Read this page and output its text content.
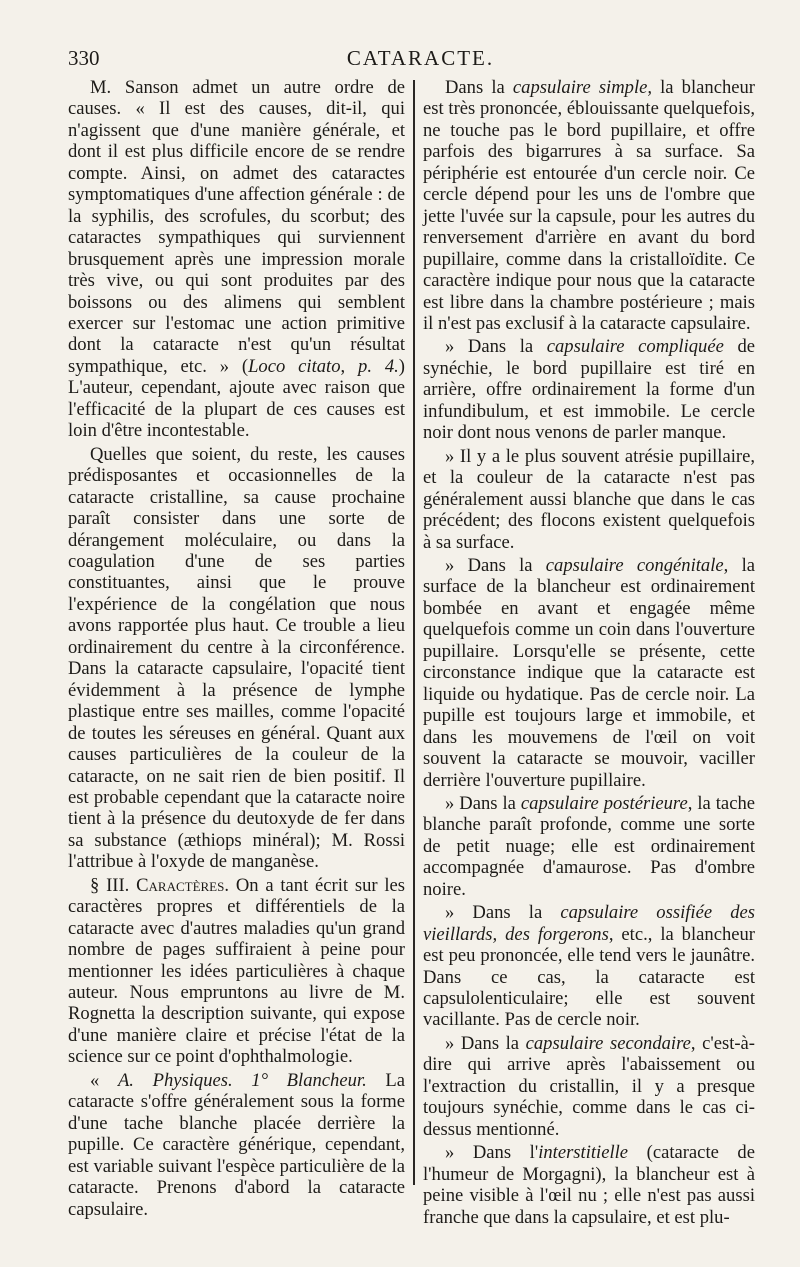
330	CATARACTE.

M. Sanson admet un autre ordre de causes. « Il est des causes, dit-il, qui n'agissent que d'une manière générale, et dont il est plus difficile encore de se rendre compte. Ainsi, on admet des cataractes symptomatiques d'une affection générale : de la syphilis, des scrofules, du scorbut; des cataractes sympathiques qui surviennent brusquement après une impression morale très vive, ou qui sont produites par des boissons ou des alimens qui semblent exercer sur l'estomac une action primitive dont la cataracte n'est qu'un résultat sympathique, etc. » (Loco citato, p. 4.) L'auteur, cependant, ajoute avec raison que l'efficacité de la plupart de ces causes est loin d'être incontestable.

Quelles que soient, du reste, les causes prédisposantes et occasionnelles de la cataracte cristalline, sa cause prochaine paraît consister dans une sorte de dérangement moléculaire, ou dans la coagulation d'une de ses parties constituantes, ainsi que le prouve l'expérience de la congélation que nous avons rapportée plus haut. Ce trouble a lieu ordinairement du centre à la circonférence. Dans la cataracte capsulaire, l'opacité tient évidemment à la présence de lymphe plastique entre ses mailles, comme l'opacité de toutes les séreuses en général. Quant aux causes particulières de la couleur de la cataracte, on ne sait rien de bien positif. Il est probable cependant que la cataracte noire tient à la présence du deutoxyde de fer dans sa substance (æthiops minéral); M. Rossi l'attribue à l'oxyde de manganèse.

§ III. Caractères. On a tant écrit sur les caractères propres et différentiels de la cataracte avec d'autres maladies qu'un grand nombre de pages suffiraient à peine pour mentionner les idées particulières à chaque auteur. Nous empruntons au livre de M. Rognetta la description suivante, qui expose d'une manière claire et précise l'état de la science sur ce point d'ophthalmologie.

« A. Physiques. 1° Blancheur. La cataracte s'offre généralement sous la forme d'une tache blanche placée derrière la pupille. Ce caractère générique, cependant, est variable suivant l'espèce particulière de la cataracte. Prenons d'abord la cataracte capsulaire.

Dans la capsulaire simple, la blancheur est très prononcée, éblouissante quelquefois, ne touche pas le bord pupillaire, et offre parfois des bigarrures à sa surface. Sa périphérie est entourée d'un cercle noir. Ce cercle dépend pour les uns de l'ombre que jette l'uvée sur la capsule, pour les autres du renversement d'arrière en avant du bord pupillaire, comme dans la cristalloïdite. Ce caractère indique pour nous que la cataracte est libre dans la chambre postérieure ; mais il n'est pas exclusif à la cataracte capsulaire.

» Dans la capsulaire compliquée de synéchie, le bord pupillaire est tiré en arrière, offre ordinairement la forme d'un infundibulum, et est immobile. Le cercle noir dont nous venons de parler manque.

» Il y a le plus souvent atrésie pupillaire, et la couleur de la cataracte n'est pas généralement aussi blanche que dans le cas précédent; des flocons existent quelquefois à sa surface.

» Dans la capsulaire congénitale, la surface de la blancheur est ordinairement bombée en avant et engagée même quelquefois comme un coin dans l'ouverture pupillaire. Lorsqu'elle se présente, cette circonstance indique que la cataracte est liquide ou hydatique. Pas de cercle noir. La pupille est toujours large et immobile, et dans les mouvemens de l'œil on voit souvent la cataracte se mouvoir, vaciller derrière l'ouverture pupillaire.

» Dans la capsulaire postérieure, la tache blanche paraît profonde, comme une sorte de petit nuage; elle est ordinairement accompagnée d'amaurose. Pas d'ombre noire.

» Dans la capsulaire ossifiée des vieillards, des forgerons, etc., la blancheur est peu prononcée, elle tend vers le jaunâtre. Dans ce cas, la cataracte est capsulolenticulaire; elle est souvent vacillante. Pas de cercle noir.

» Dans la capsulaire secondaire, c'est-à-dire qui arrive après l'abaissement ou l'extraction du cristallin, il y a presque toujours synéchie, comme dans le cas ci-dessus mentionné.

» Dans l'interstitielle (cataracte de l'humeur de Morgagni), la blancheur est à peine visible à l'œil nu ; elle n'est pas aussi franche que dans la capsulaire, et est plu-
